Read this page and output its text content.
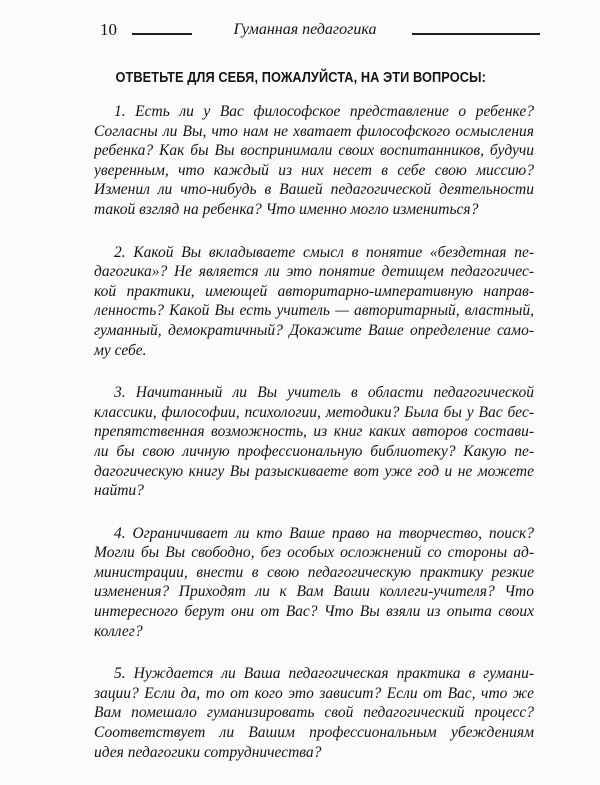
10	Гуманная педагогика
ОТВЕТЬТЕ ДЛЯ СЕБЯ, ПОЖАЛУЙСТА, НА ЭТИ ВОПРОСЫ:
1. Есть ли у Вас философское представление о ребенке?
Согласны ли Вы, что нам не хватает философского осмысления
ребенка? Как бы Вы воспринимали своих воспитанников, будучи
уверенным, что каждый из них несет в себе свою миссию?
Изменил ли что-нибудь в Вашей педагогической деятельности
такой взгляд на ребенка? Что именно могло измениться?
2. Какой Вы вкладываете смысл в понятие «бездетная пе-
дагогика»? Не является ли это понятие детищем педагогичес-
кой практики, имеющей авторитарно-императивную направ-
ленность? Какой Вы есть учитель — авторитарный, властный,
гуманный, демократичный? Докажите Ваше определение само-
му себе.
3. Начитанный ли Вы учитель в области педагогической
классики, философии, психологии, методики? Была бы у Вас бес-
препятственная возможность, из книг каких авторов состави-
ли бы свою личную профессиональную библиотеку? Какую пе-
дагогическую книгу Вы разыскиваете вот уже год и не можете
найти?
4. Ограничивает ли кто Ваше право на творчество, поиск?
Могли бы Вы свободно, без особых осложнений со стороны ад-
министрации, внести в свою педагогическую практику резкие
изменения? Приходят ли к Вам Ваши коллеги-учителя? Что
интересного берут они от Вас? Что Вы взяли из опыта своих
коллег?
5. Нуждается ли Ваша педагогическая практика в гумани-
зации? Если да, то от кого это зависит? Если от Вас, что же
Вам помешало гуманизировать свой педагогический процесс?
Соответствует ли Вашим профессиональным убеждениям
идея педагогики сотрудничества?
